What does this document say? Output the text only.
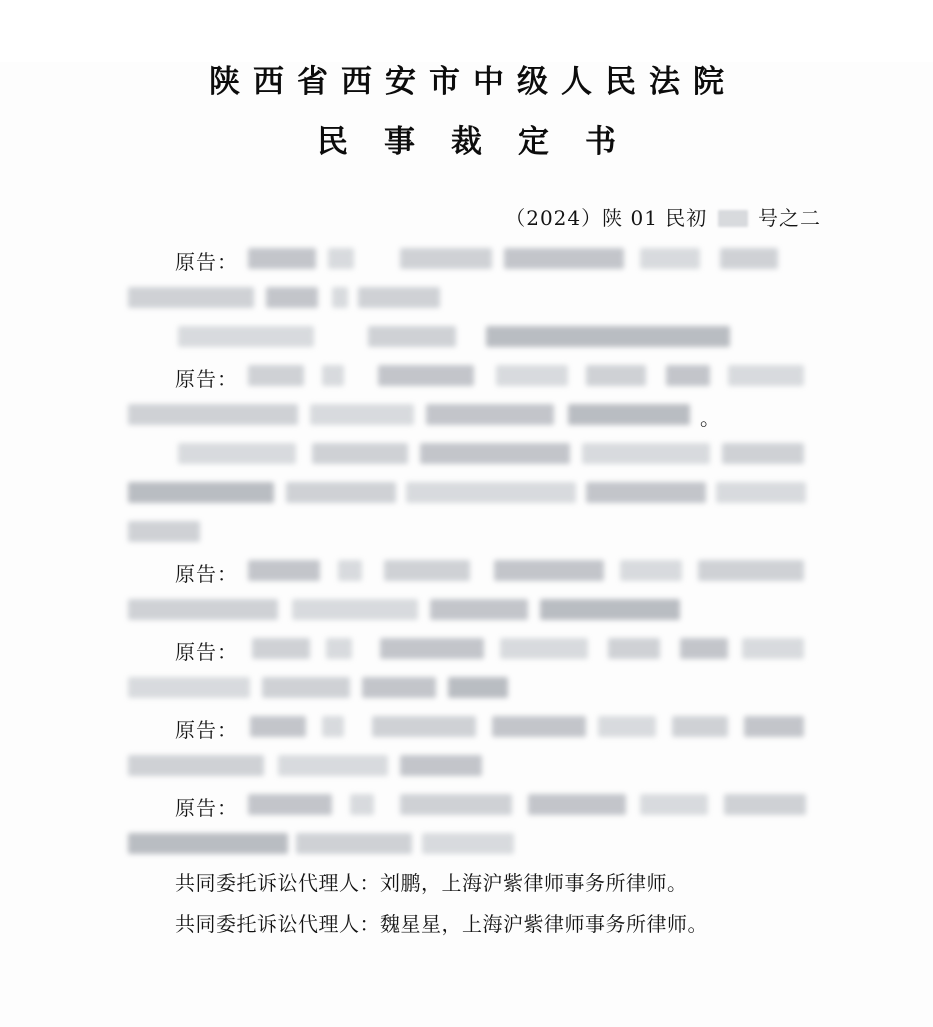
陕西省西安市中级人民法院
民事裁定书
（2024）陕 01 民初	号之二
原告：
原告：
。
原告：
原告：
原告：
原告：
共同委托诉讼代理人：刘鹏，上海沪紫律师事务所律师。
共同委托诉讼代理人：魏星星，上海沪紫律师事务所律师。
